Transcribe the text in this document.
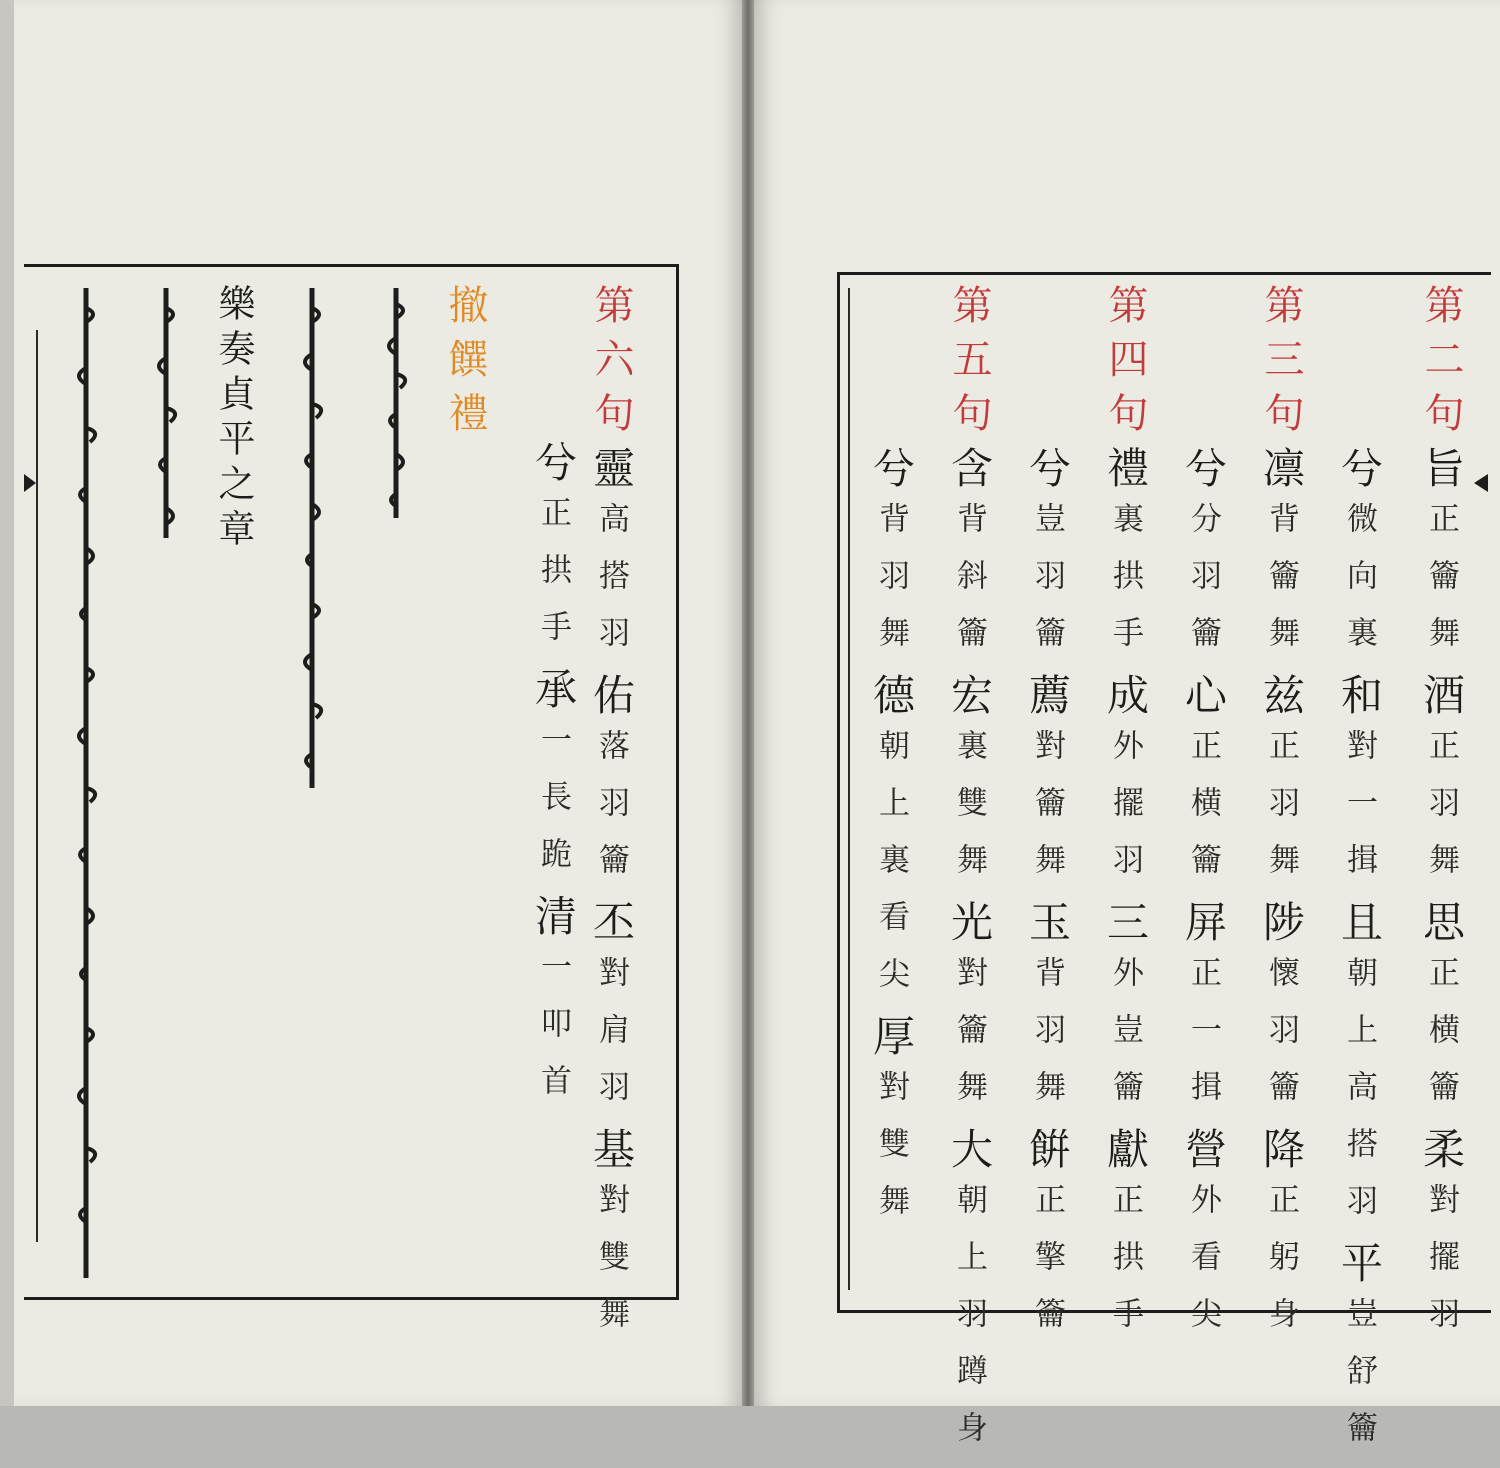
第六句靈高搭羽佑落羽籥丕對肩羽基對雙舞
兮正拱手承一長跪清一叩首
撤饌禮
樂奏貞平之章	第二句旨正籥舞酒正羽舞思正横籥柔對擺羽
兮微向裏和對一揖且朝上高搭羽平豈舒籥
第三句凛背籥舞兹正羽舞陟懷羽籥降正躬身
兮分羽籥心正横籥屏正一揖營外看尖
第四句禮裏拱手成外擺羽三外豈籥獻正拱手
兮豈羽籥薦對籥舞玉背羽舞餠正擎籥
第五句含背斜籥宏裏雙舞光對籥舞大朝上羽蹲身
兮背羽舞德朝上裏看尖厚對雙舞
